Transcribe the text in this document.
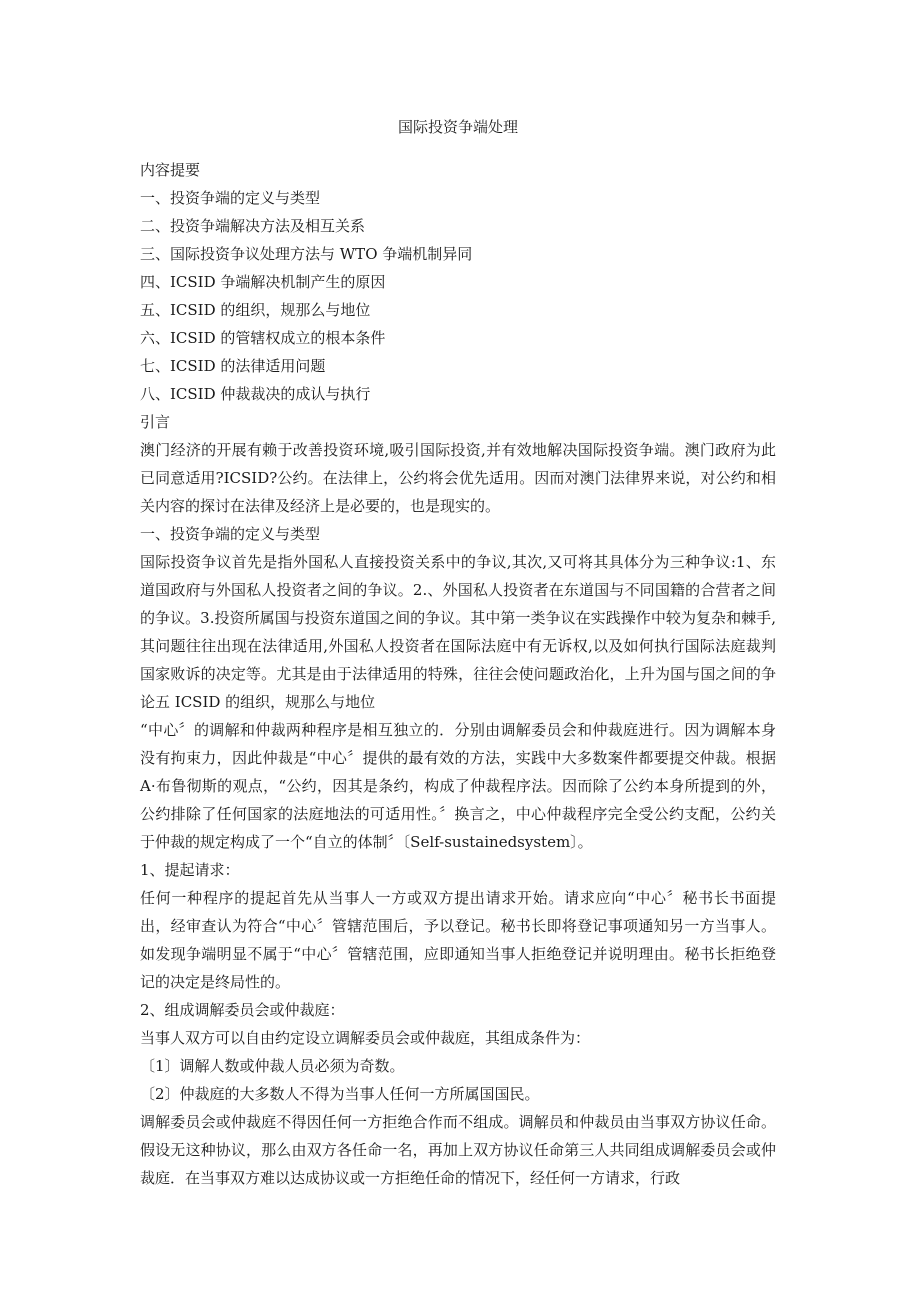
国际投资争端处理

内容提要

一、投资争端的定义与类型

二、投资争端解决方法及相互关系

三、国际投资争议处理方法与 WTO 争端机制异同

四、ICSID 争端解决机制产生的原因

五、ICSID 的组织，规那么与地位

六、ICSID 的管辖权成立的根本条件

七、ICSID 的法律适用问题

八、ICSID 仲裁裁决的成认与执行

引言

澳门经济的开展有赖于改善投资环境,吸引国际投资,并有效地解决国际投资争端。澳门政府为此已同意适用?ICSID?公约。在法律上，公约将会优先适用。因而对澳门法律界来说，对公约和相关内容的探讨在法律及经济上是必要的，也是现实的。

一、投资争端的定义与类型

国际投资争议首先是指外国私人直接投资关系中的争议,其次,又可将其具体分为三种争议:1、东道国政府与外国私人投资者之间的争议。2.、外国私人投资者在东道国与不同国籍的合营者之间的争议。3.投资所属国与投资东道国之间的争议。其中第一类争议在实践操作中较为复杂和棘手,其问题往往出现在法律适用,外国私人投资者在国际法庭中有无诉权,以及如何执行国际法庭裁判国家败诉的决定等。尤其是由于法律适用的特殊，往往会使问题政治化，上升为国与国之间的争论五 ICSID 的组织，规那么与地位

“中心〞的调解和仲裁两种程序是相互独立的．分别由调解委员会和仲裁庭进行。因为调解本身没有拘束力，因此仲裁是“中心〞提供的最有效的方法，实践中大多数案件都要提交仲裁。根据 A·布鲁彻斯的观点，“公约，因其是条约，构成了仲裁程序法。因而除了公约本身所提到的外，公约排除了任何国家的法庭地法的可适用性。〞换言之，中心仲裁程序完全受公约支配，公约关于仲裁的规定构成了一个“自立的体制〞〔Self-sustainedsystem〕。

1、提起请求：

任何一种程序的提起首先从当事人一方或双方提出请求开始。请求应向“中心〞秘书长书面提出，经审查认为符合“中心〞管辖范围后，予以登记。秘书长即将登记事项通知另一方当事人。如发现争端明显不属于“中心〞管辖范围，应即通知当事人拒绝登记并说明理由。秘书长拒绝登记的决定是终局性的。

2、组成调解委员会或仲裁庭：

当事人双方可以自由约定设立调解委员会或仲裁庭，其组成条件为：

〔1〕调解人数或仲裁人员必须为奇数。

〔2〕仲裁庭的大多数人不得为当事人任何一方所属国国民。

调解委员会或仲裁庭不得因任何一方拒绝合作而不组成。调解员和仲裁员由当事双方协议任命。假设无这种协议，那么由双方各任命一名，再加上双方协议任命第三人共同组成调解委员会或仲裁庭．在当事双方难以达成协议或一方拒绝任命的情况下，经任何一方请求，行政
